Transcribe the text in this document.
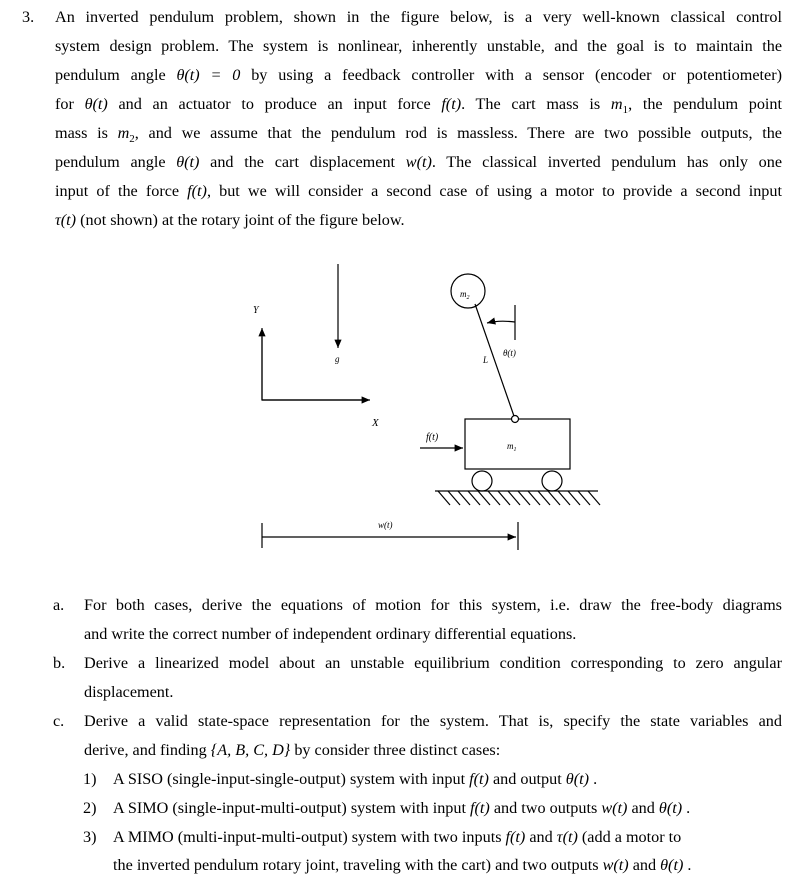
3. An inverted pendulum problem, shown in the figure below, is a very well-known classical control
system design problem. The system is nonlinear, inherently unstable, and the goal is to maintain the
pendulum angle θ(t) = 0 by using a feedback controller with a sensor (encoder or potentiometer)
for θ(t) and an actuator to produce an input force f(t). The cart mass is $m_1$, the pendulum point
mass is $m_2$, and we assume that the pendulum rod is massless. There are two possible outputs, the
pendulum angle θ(t) and the cart displacement w(t). The classical inverted pendulum has only one
input of the force f(t), but we will consider a second case of using a motor to provide a second input
τ(t) (not shown) at the rotary joint of the figure below.
Y
X
g
$m_2$
$m_1$
L
θ(t)
f(t)
w(t)
a. For both cases, derive the equations of motion for this system, i.e. draw the free-body diagrams
and write the correct number of independent ordinary differential equations.
b. Derive a linearized model about an unstable equilibrium condition corresponding to zero angular
displacement.
c. Derive a valid state-space representation for the system. That is, specify the state variables and
derive, and finding {A, B, C, D} by consider three distinct cases:
1) A SISO (single-input-single-output) system with input f(t) and output θ(t) .
2) A SIMO (single-input-multi-output) system with input f(t) and two outputs w(t) and θ(t) .
3) A MIMO (multi-input-multi-output) system with two inputs f(t) and τ(t) (add a motor to
the inverted pendulum rotary joint, traveling with the cart) and two outputs w(t) and θ(t) .
